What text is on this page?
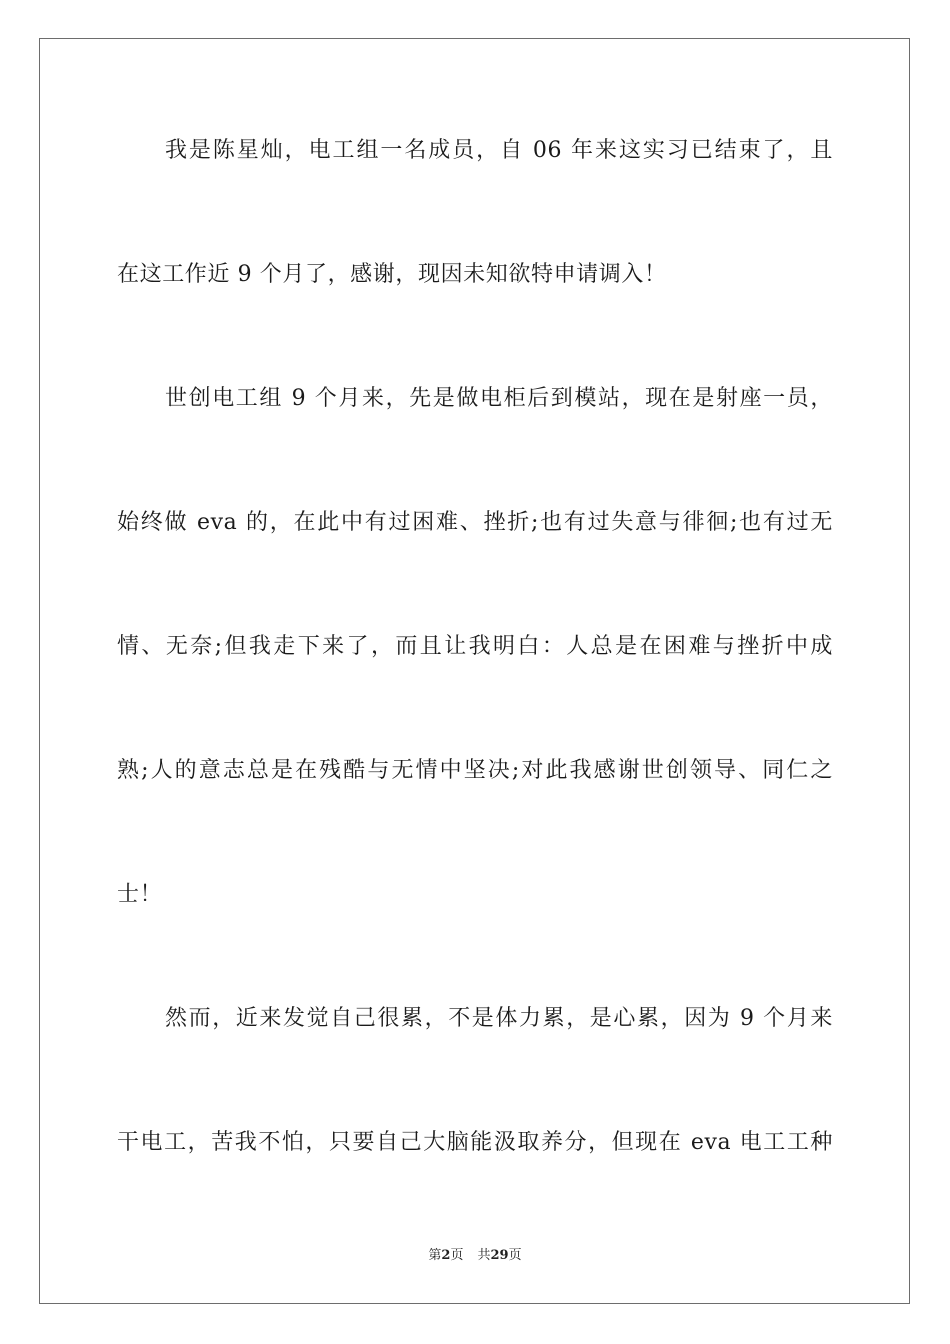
我是陈星灿，电工组一名成员，自 06 年来这实习已结束了，且
在这工作近 9 个月了，感谢，现因未知欲特申请调入！
世创电工组 9 个月来，先是做电柜后到模站，现在是射座一员，
始终做 eva 的，在此中有过困难、挫折;也有过失意与徘徊;也有过无
情、无奈;但我走下来了，而且让我明白：人总是在困难与挫折中成
熟;人的意志总是在残酷与无情中坚决;对此我感谢世创领导、同仁之
士！
然而，近来发觉自己很累，不是体力累，是心累，因为 9 个月来
干电工，苦我不怕，只要自己大脑能汲取养分，但现在 eva 电工工种
第2页 共29页
